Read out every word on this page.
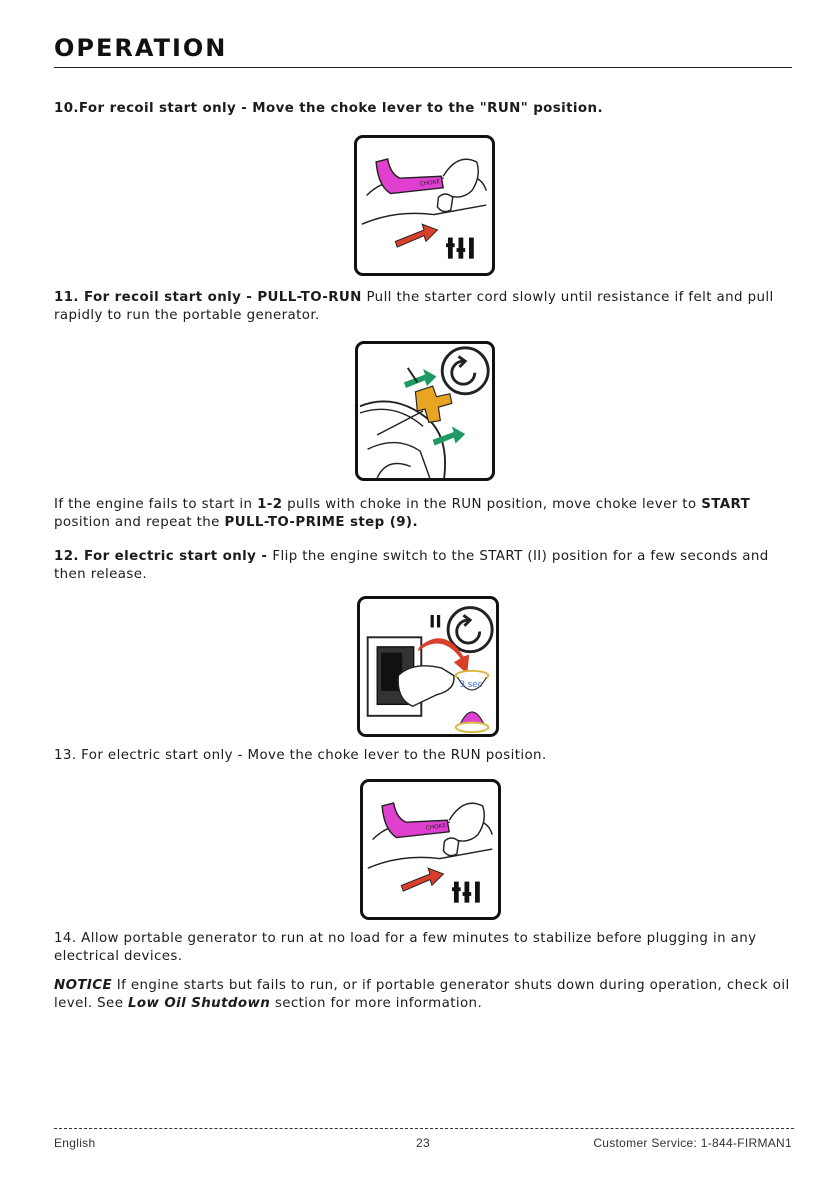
OPERATION

10.For recoil start only - Move the choke lever to the "RUN" position.

CHOKE

11. For recoil start only - PULL-TO-RUN Pull the starter cord slowly until resistance if felt and pull rapidly to run the portable generator.

If the engine fails to start in 1-2 pulls with choke in the RUN position, move choke lever to START position and repeat the PULL-TO-PRIME step (9).

12. For electric start only - Flip the engine switch to the START (II) position for a few seconds and then release.

II
3 sec

13. For electric start only - Move the choke lever to the RUN position.

CHOKE

14. Allow portable generator to run at no load for a few minutes to stabilize before plugging in any electrical devices.

NOTICE If engine starts but fails to run, or if portable generator shuts down during operation, check oil level. See Low Oil Shutdown section for more information.

English	23	Customer Service: 1-844-FIRMAN1
